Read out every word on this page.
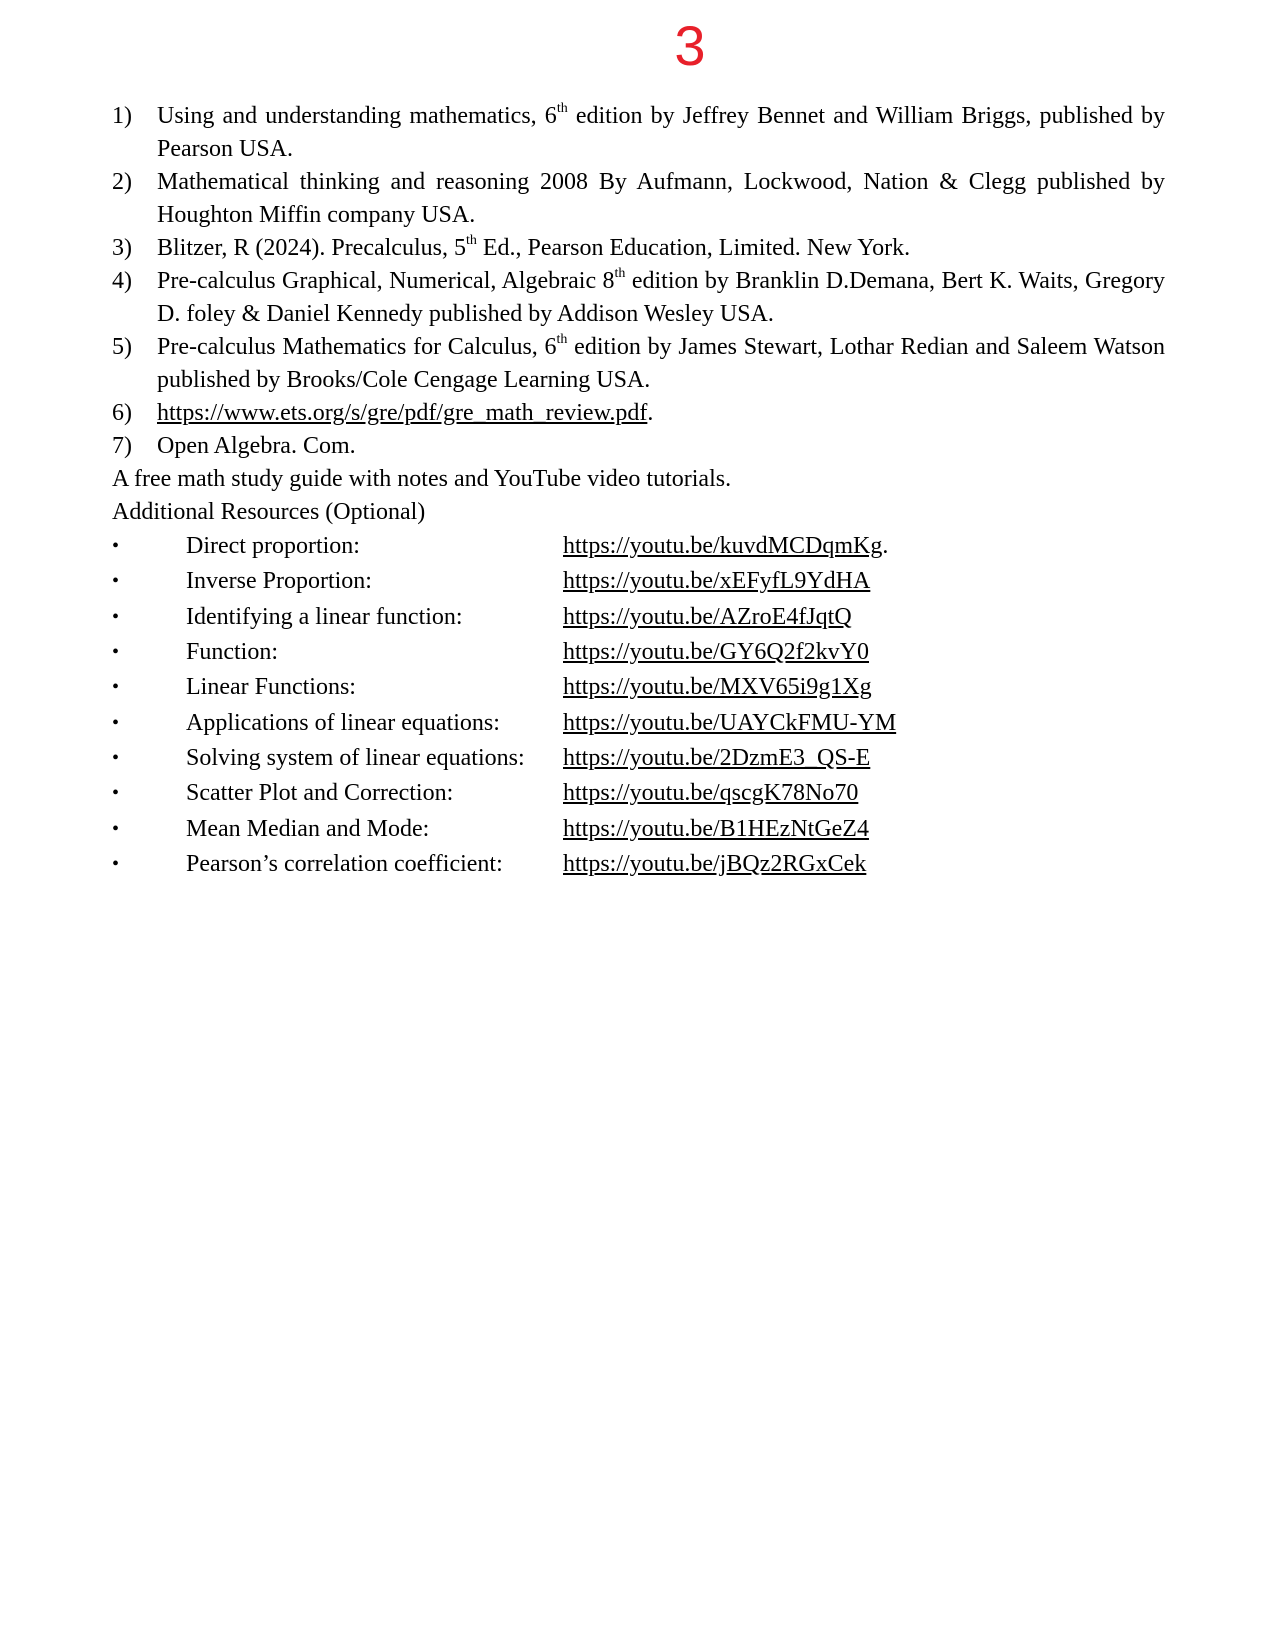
3
1)	Using and understanding mathematics, 6th edition by Jeffrey Bennet and William Briggs, published by Pearson USA.
2)	Mathematical thinking and reasoning 2008 By Aufmann, Lockwood, Nation & Clegg published by Houghton Miffin company USA.
3)	Blitzer, R (2024). Precalculus, 5th Ed., Pearson Education, Limited. New York.
4)	Pre-calculus Graphical, Numerical, Algebraic 8th edition by Branklin D.Demana, Bert K. Waits, Gregory D. foley & Daniel Kennedy published by Addison Wesley USA.
5)	Pre-calculus Mathematics for Calculus, 6th edition by James Stewart, Lothar Redian and Saleem Watson published by Brooks/Cole Cengage Learning USA.
6)	https://www.ets.org/s/gre/pdf/gre_math_review.pdf.
7)	Open Algebra. Com.

A free math study guide with notes and YouTube video tutorials.

Additional Resources (Optional)

•	Direct proportion:	https://youtu.be/kuvdMCDqmKg.
•	Inverse Proportion:	https://youtu.be/xEFyfL9YdHA
•	Identifying a linear function:	https://youtu.be/AZroE4fJqtQ
•	Function:	https://youtu.be/GY6Q2f2kvY0
•	Linear Functions:	https://youtu.be/MXV65i9g1Xg
•	Applications of linear equations:	https://youtu.be/UAYCkFMU-YM
•	Solving system of linear equations:	https://youtu.be/2DzmE3_QS-E
•	Scatter Plot and Correction:	https://youtu.be/qscgK78No70
•	Mean Median and Mode:	https://youtu.be/B1HEzNtGeZ4
•	Pearson’s correlation coefficient:	https://youtu.be/jBQz2RGxCek
